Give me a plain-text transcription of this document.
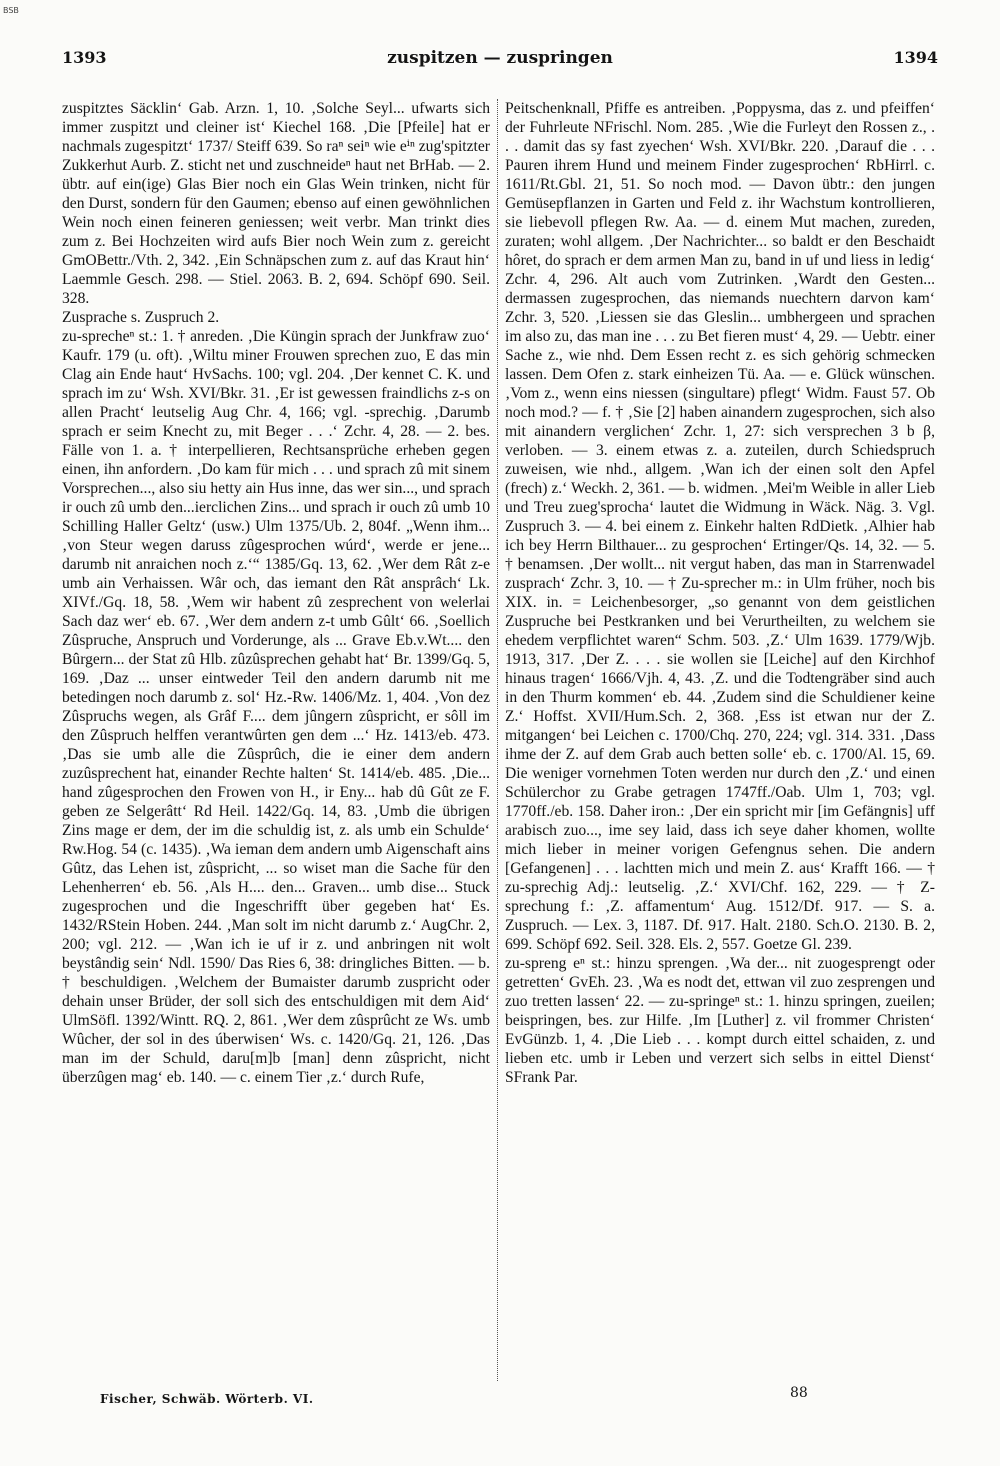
BSB
1393	zuspitzen — zuspringen	1394

zuspitztes Säcklin‘ Gab. Arzn. 1, 10. ‚Solche Seyl... ufwarts sich immer zuspitzt und cleiner ist‘ Kiechel 168. ‚Die [Pfeile] hat er nachmals zugespitzt‘ 1737/ Steiff 639. So raⁿ seiⁿ wie eⁱⁿ zug'spitzter Zukkerhut Aurb. Z. sticht net und zuschneideⁿ haut net BrHab. — 2. übtr. auf ein(ige) Glas Bier noch ein Glas Wein trinken, nicht für den Durst, sondern für den Gaumen; ebenso auf einen gewöhnlichen Wein noch einen feineren geniessen; weit verbr. Man trinkt dies zum z. Bei Hochzeiten wird aufs Bier noch Wein zum z. gereicht GmOBettr./Vth. 2, 342. ‚Ein Schnäpschen zum z. auf das Kraut hin‘ Laemmle Gesch. 298. — Stiel. 2063. B. 2, 694. Schöpf 690. Seil. 328.

Zusprache s. Zuspruch 2.

zu-sprecheⁿ st.: 1. † anreden. ‚Die Küngin sprach der Junkfraw zuo‘ Kaufr. 179 (u. oft). ‚Wiltu miner Frouwen sprechen zuo, E das min Clag ain Ende haut‘ HvSachs. 100; vgl. 204. ‚Der kennet C. K. und sprach im zu‘ Wsh. XVI/Bkr. 31. ‚Er ist gewessen fraindlichs z-s on allen Pracht‘ leutselig Aug Chr. 4, 166; vgl. -sprechig. ‚Darumb sprach er seim Knecht zu, mit Beger . . .‘ Zchr. 4, 28. — 2. bes. Fälle von 1. a. † interpellieren, Rechtsansprüche erheben gegen einen, ihn anfordern. ‚Do kam für mich . . . und sprach zû mit sinem Vorsprechen..., also siu hetty ain Hus inne, das wer sin..., und sprach ir ouch zû umb den...ierclichen Zins... und sprach ir ouch zû umb 10 Schilling Haller Geltz‘ (usw.) Ulm 1375/Ub. 2, 804f. „Wenn ihm... ‚von Steur wegen daruss zûgesprochen wúrd‘, werde er jene... darumb nit anraichen noch z.‘“ 1385/Gq. 13, 62. ‚Wer dem Rât z-e umb ain Verhaissen. Wâr och, das iemant den Rât ansprâch‘ Lk. XIVf./Gq. 18, 58. ‚Wem wir habent zû zesprechent von welerlai Sach daz wer‘ eb. 67. ‚Wer dem andern z-t umb Gûlt‘ 66. ‚Soellich Zûspruche, Anspruch und Vorderunge, als ... Grave Eb.v.Wt.... den Bûrgern... der Stat zû Hlb. zûzûsprechen gehabt hat‘ Br. 1399/Gq. 5, 169. ‚Daz ... unser eintweder Teil den andern darumb nit me betedingen noch darumb z. sol‘ Hz.-Rw. 1406/Mz. 1, 404. ‚Von dez Zûspruchs wegen, als Grâf F.... dem jûngern zûspricht, er sôll im den Zûspruch helffen verantwûrten gen dem ...‘ Hz. 1413/eb. 473. ‚Das sie umb alle die Zûsprûch, die ie einer dem andern zuzûsprechent hat, einander Rechte halten‘ St. 1414/eb. 485. ‚Die... hand zûgesprochen den Frowen von H., ir Eny... hab dû Gût ze F. geben ze Selgerâtt‘ Rd Heil. 1422/Gq. 14, 83. ‚Umb die übrigen Zins mage er dem, der im die schuldig ist, z. als umb ein Schulde‘ Rw.Hog. 54 (c. 1435). ‚Wa ieman dem andern umb Aigenschaft ains Gûtz, das Lehen ist, zûspricht, ... so wiset man die Sache für den Lehenherren‘ eb. 56. ‚Als H.... den... Graven... umb dise... Stuck zugesprochen und die Ingeschrifft über gegeben hat‘ Es. 1432/RStein Hoben. 244. ‚Man solt im nicht darumb z.‘ AugChr. 2, 200; vgl. 212. — ‚Wan ich ie uf ir z. und anbringen nit wolt beystândig sein‘ Ndl. 1590/ Das Ries 6, 38: dringliches Bitten. — b. † beschuldigen. ‚Welchem der Bumaister darumb zuspricht oder dehain unser Brüder, der soll sich des entschuldigen mit dem Aid‘ UlmSöfl. 1392/Wintt. RQ. 2, 861. ‚Wer dem zûsprûcht ze Ws. umb Wûcher, der sol in des úberwisen‘ Ws. c. 1420/Gq. 21, 126. ‚Das man im der Schuld, daru[m]b [man] denn zûspricht, nicht überzûgen mag‘ eb. 140. — c. einem Tier ‚z.‘ durch Rufe,

Peitschenknall, Pfiffe es antreiben. ‚Poppysma, das z. und pfeiffen‘ der Fuhrleute NFrischl. Nom. 285. ‚Wie die Furleyt den Rossen z., . . . damit das sy fast zyechen‘ Wsh. XVI/Bkr. 220. ‚Darauf die . . . Pauren ihrem Hund und meinem Finder zugesprochen‘ RbHirrl. c. 1611/Rt.Gbl. 21, 51. So noch mod. — Davon übtr.: den jungen Gemüsepflanzen in Garten und Feld z. ihr Wachstum kontrollieren, sie liebevoll pflegen Rw. Aa. — d. einem Mut machen, zureden, zuraten; wohl allgem. ‚Der Nachrichter... so baldt er den Beschaidt hôret, do sprach er dem armen Man zu, band in uf und liess in ledig‘ Zchr. 4, 296. Alt auch vom Zutrinken. ‚Wardt den Gesten... dermassen zugesprochen, das niemands nuechtern darvon kam‘ Zchr. 3, 520. ‚Liessen sie das Gleslin... umbhergeen und sprachen im also zu, das man ine . . . zu Bet fieren must‘ 4, 29. — Uebtr. einer Sache z., wie nhd. Dem Essen recht z. es sich gehörig schmecken lassen. Dem Ofen z. stark einheizen Tü. Aa. — e. Glück wünschen. ‚Vom z., wenn eins niessen (singultare) pflegt‘ Widm. Faust 57. Ob noch mod.? — f. † ‚Sie [2] haben ainandern zugesprochen, sich also mit ainandern verglichen‘ Zchr. 1, 27: sich versprechen 3 b β, verloben. — 3. einem etwas z. a. zuteilen, durch Schiedspruch zuweisen, wie nhd., allgem. ‚Wan ich der einen solt den Apfel (frech) z.‘ Weckh. 2, 361. — b. widmen. ‚Mei'm Weible in aller Lieb und Treu zueg'sprocha‘ lautet die Widmung in Wäck. Näg. 3. Vgl. Zuspruch 3. — 4. bei einem z. Einkehr halten RdDietk. ‚Alhier hab ich bey Herrn Bilthauer... zu gesprochen‘ Ertinger/Qs. 14, 32. — 5. † benamsen. ‚Der wollt... nit vergut haben, das man in Starrenwadel zusprach‘ Zchr. 3, 10. — † Zu-sprecher m.: in Ulm früher, noch bis XIX. in. = Leichenbesorger, „so genannt von dem geistlichen Zuspruche bei Pestkranken und bei Verurtheilten, zu welchem sie ehedem verpflichtet waren“ Schm. 503. ‚Z.‘ Ulm 1639. 1779/Wjb. 1913, 317. ‚Der Z. . . . sie wollen sie [Leiche] auf den Kirchhof hinaus tragen‘ 1666/Vjh. 4, 43. ‚Z. und die Todtengräber sind auch in den Thurm kommen‘ eb. 44. ‚Zudem sind die Schuldiener keine Z.‘ Hoffst. XVII/Hum.Sch. 2, 368. ‚Ess ist etwan nur der Z. mitgangen‘ bei Leichen c. 1700/Chq. 270, 224; vgl. 314. 331. ‚Dass ihme der Z. auf dem Grab auch betten solle‘ eb. c. 1700/Al. 15, 69. Die weniger vornehmen Toten werden nur durch den ‚Z.‘ und einen Schülerchor zu Grabe getragen 1747ff./Oab. Ulm 1, 703; vgl. 1770ff./eb. 158. Daher iron.: ‚Der ein spricht mir [im Gefängnis] uff arabisch zuo..., ime sey laid, dass ich seye daher khomen, wollte mich lieber in meiner vorigen Gefengnus sehen. Die andern [Gefangenen] . . . lachtten mich und mein Z. aus‘ Krafft 166. — † zu-sprechig Adj.: leutselig. ‚Z.‘ XVI/Chf. 162, 229. — † Z-sprechung f.: ‚Z. affamentum‘ Aug. 1512/Df. 917. — S. a. Zuspruch. — Lex. 3, 1187. Df. 917. Halt. 2180. Sch.O. 2130. B. 2, 699. Schöpf 692. Seil. 328. Els. 2, 557. Goetze Gl. 239.

zu-spreng eⁿ st.: hinzu sprengen. ‚Wa der... nit zuogesprengt oder getretten‘ GvEh. 23. ‚Wa es nodt det, ettwan vil zuo zesprengen und zuo tretten lassen‘ 22. — zu-springeⁿ st.: 1. hinzu springen, zueilen; beispringen, bes. zur Hilfe. ‚Im [Luther] z. vil frommer Christen‘ EvGünzb. 1, 4. ‚Die Lieb . . . kompt durch eittel schaiden, z. und lieben etc. umb ir Leben und verzert sich selbs in eittel Dienst‘ SFrank Par.

Fischer, Schwäb. Wörterb. VI.	88
